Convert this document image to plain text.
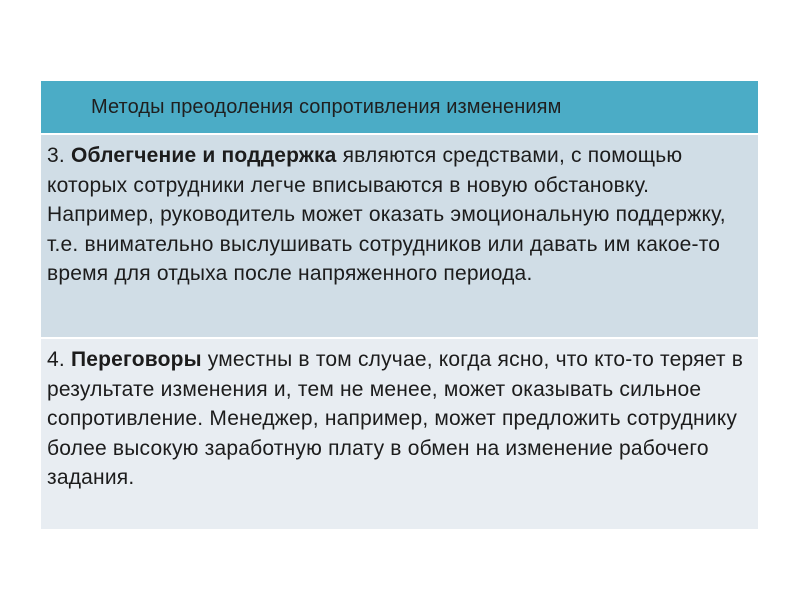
Методы преодоления сопротивления изменениям
3. Облегчение и поддержка являются средствами, с помощью которых сотрудники легче вписываются в новую обстановку. Например, руководитель может оказать эмоциональную поддержку, т.е. внимательно выслушивать сотрудников или давать им какое-то время для отдыха после напряженного периода.
4. Переговоры уместны в том случае, когда ясно, что кто-то теряет в результате изменения и, тем не менее, может оказывать сильное сопротивление. Менеджер, например, может предложить сотруднику более высокую заработную плату в обмен на изменение рабочего задания.
